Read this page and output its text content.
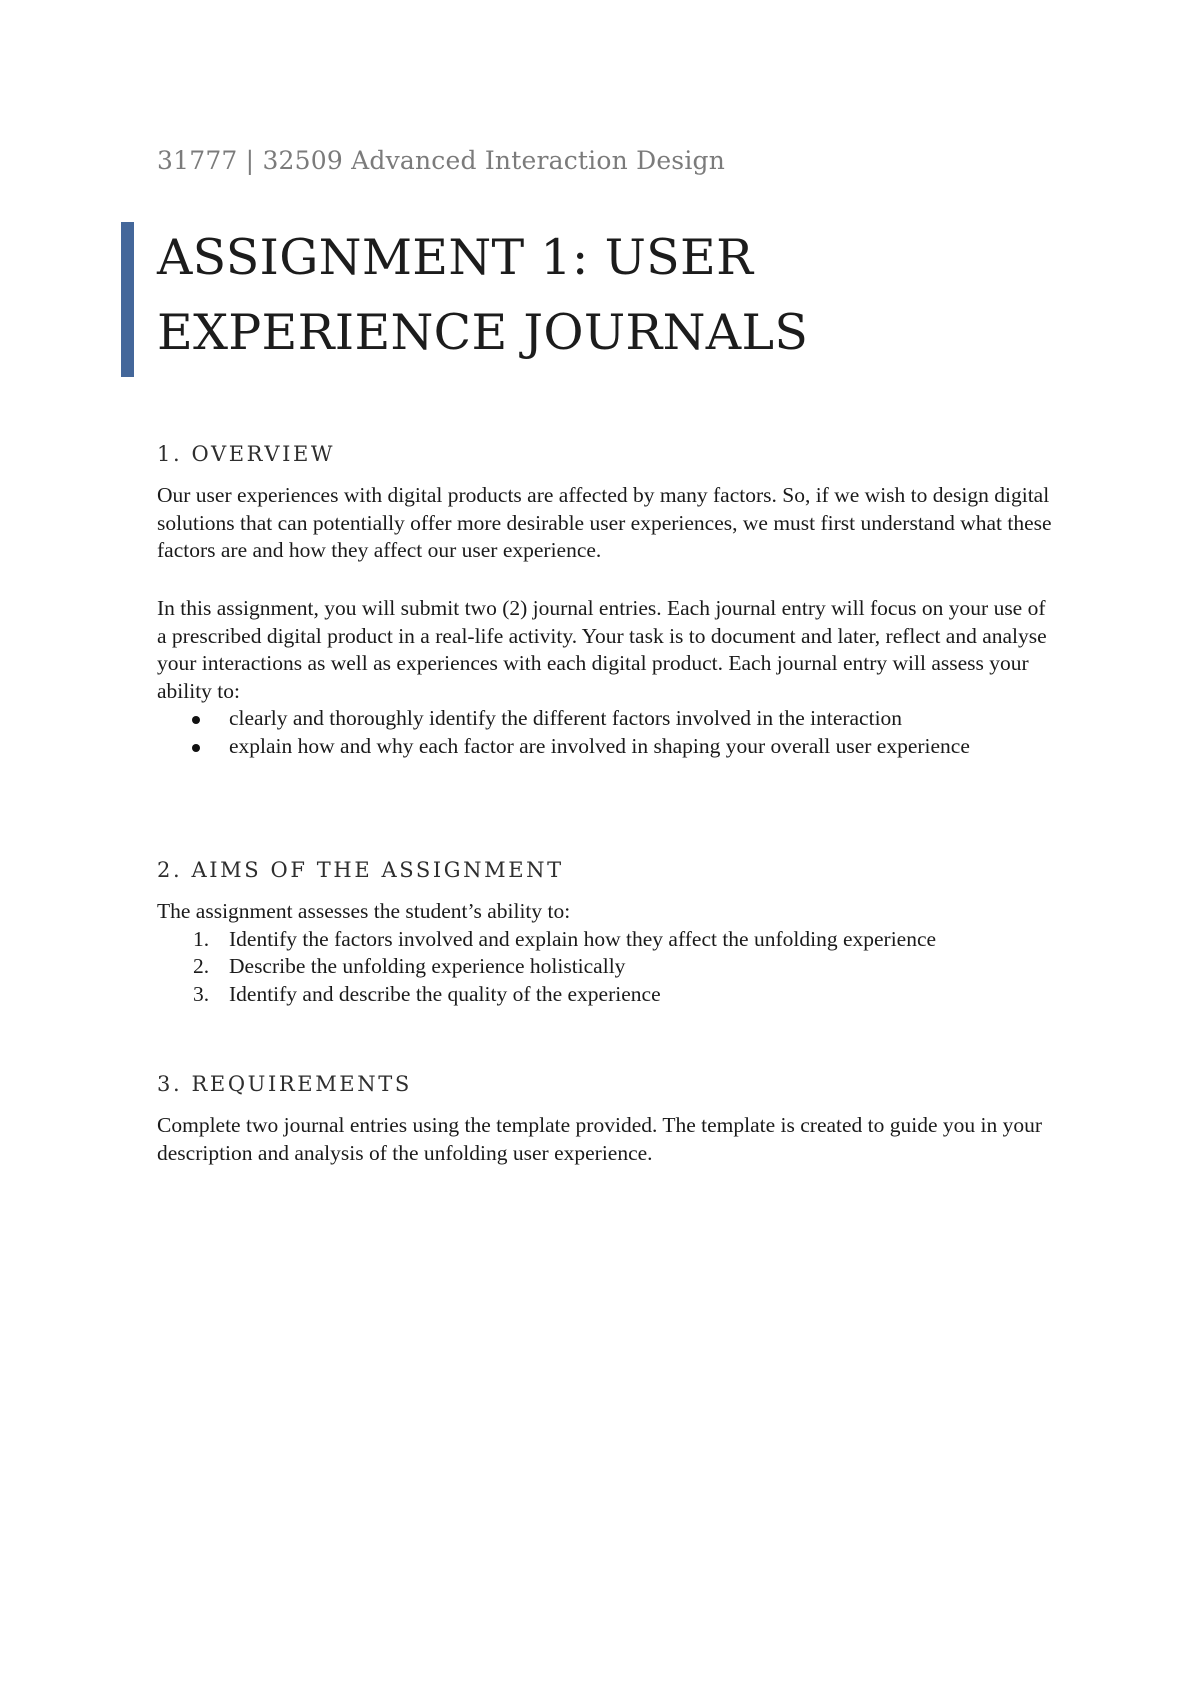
31777 | 32509 Advanced Interaction Design
ASSIGNMENT 1: USER EXPERIENCE JOURNALS
1. OVERVIEW

Our user experiences with digital products are affected by many factors. So, if we wish to design digital solutions that can potentially offer more desirable user experiences, we must first understand what these factors are and how they affect our user experience.

In this assignment, you will submit two (2) journal entries. Each journal entry will focus on your use of a prescribed digital product in a real-life activity. Your task is to document and later, reflect and analyse your interactions as well as experiences with each digital product. Each journal entry will assess your ability to:

clearly and thoroughly identify the different factors involved in the interaction
explain how and why each factor are involved in shaping your overall user experience
2. AIMS OF THE ASSIGNMENT

The assignment assesses the student’s ability to:

1. Identify the factors involved and explain how they affect the unfolding experience
2. Describe the unfolding experience holistically
3. Identify and describe the quality of the experience
3. REQUIREMENTS

Complete two journal entries using the template provided. The template is created to guide you in your description and analysis of the unfolding user experience.
